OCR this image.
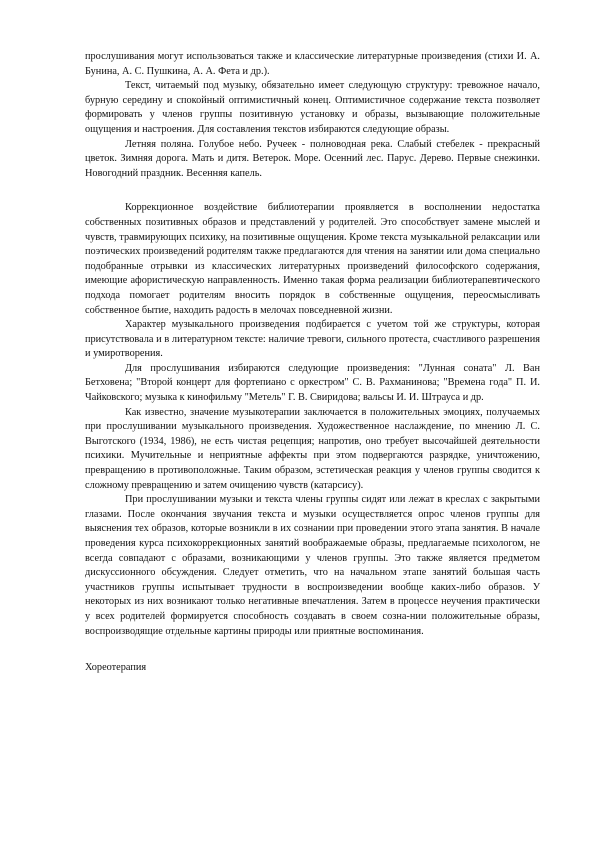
прослушивания могут использоваться также и классические литературные произведения (стихи И. А. Бунина, А. С. Пушкина, А. А. Фета и др.).

Текст, читаемый под музыку, обязательно имеет следующую структуру: тревожное начало, бурную середину и спокойный оптимистичный конец. Оптимистичное содержание текста позволяет формировать у членов группы позитивную установку и образы, вызывающие положительные ощущения и настроения. Для составления текстов избираются следующие образы.

Летняя поляна. Голубое небо. Ручеек - полноводная река. Слабый стебелек - прекрасный цветок. Зимняя дорога. Мать и дитя. Ветерок. Море. Осенний лес. Парус. Дерево. Первые снежинки. Новогодний праздник. Весенняя капель.

Коррекционное воздействие библиотерапии проявляется в восполнении недостатка собственных позитивных образов и представлений у родителей. Это способствует замене мыслей и чувств, травмирующих психику, на позитивные ощущения. Кроме текста музыкальной релаксации или поэтических произведений родителям также предлагаются для чтения на занятии или дома специально подобранные отрывки из классических литературных произведений философского содержания, имеющие афористическую направленность. Именно такая форма реализации библиотерапевтического подхода помогает родителям вносить порядок в собственные ощущения, переосмысливать собственное бытие, находить радость в мелочах повседневной жизни.

Характер музыкального произведения подбирается с учетом той же структуры, которая присутствовала и в литературном тексте: наличие тревоги, сильного протеста, счастливого разрешения и умиротворения.

Для прослушивания избираются следующие произведения: "Лунная соната" Л. Ван Бетховена; "Второй концерт для фортепиано с оркестром" С. В. Рахманинова; "Времена года" П. И. Чайковского; музыка к кинофильму "Метель" Г. В. Свиридова; вальсы И. И. Штрауса и др.

Как известно, значение музыкотерапии заключается в положительных эмоциях, получаемых при прослушивании музыкального произведения. Художественное наслаждение, по мнению Л. С. Выготского (1934, 1986), не есть чистая рецепция; напротив, оно требует высочайшей деятельности психики. Мучительные и неприятные аффекты при этом подвергаются разрядке, уничтожению, превращению в противоположные. Таким образом, эстетическая реакция у членов группы сводится к сложному превращению и затем очищению чувств (катарсису).

При прослушивании музыки и текста члены группы сидят или лежат в креслах с закрытыми глазами. После окончания звучания текста и музыки осуществляется опрос членов группы для выяснения тех образов, которые возникли в их сознании при проведении этого этапа занятия. В начале проведения курса психокоррекционных занятий воображаемые образы, предлагаемые психологом, не всегда совпадают с образами, возникающими у членов группы. Это также является предметом дискуссионного обсуждения. Следует отметить, что на начальном этапе занятий большая часть участников группы испытывает трудности в воспроизведении вообще каких-либо образов. У некоторых из них возникают только негативные впечатления. Затем в процессе неучения практически у всех родителей формируется способность создавать в своем созна-нии положительные образы, воспроизводящие отдельные картины природы или приятные воспоминания.

Хореотерапия
